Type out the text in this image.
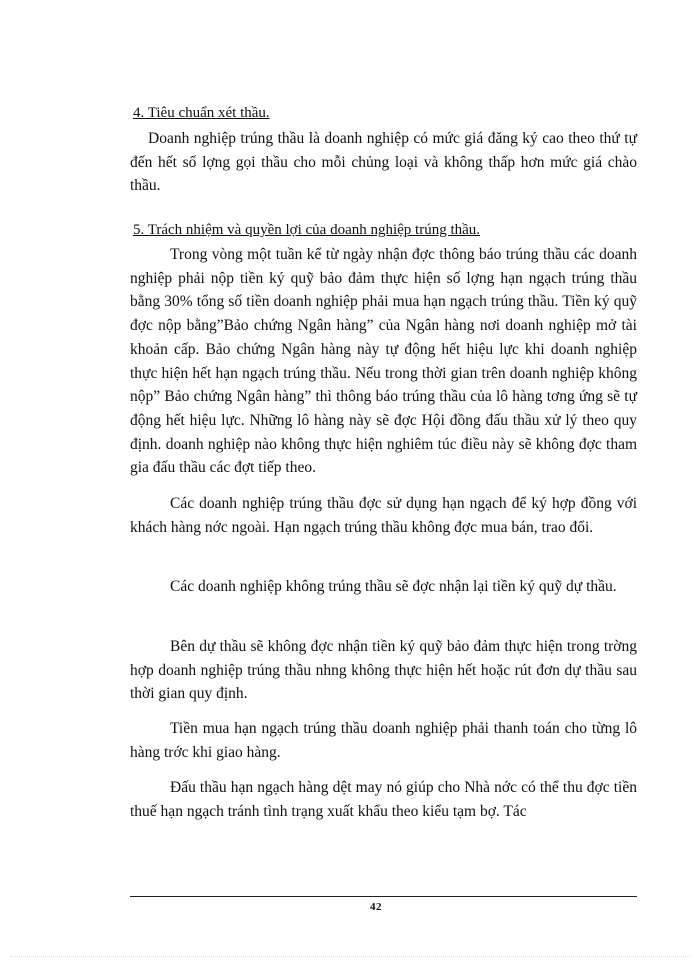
4. Tiêu chuẩn xét thầu.
Doanh nghiệp trúng thầu là doanh nghiệp có mức giá đăng ký cao theo thứ tự đến hết số lợng gọi thầu cho mỗi chủng loại và không thấp hơn mức giá chào thầu.
5. Trách nhiệm và quyền lợi của doanh nghiệp trúng thầu.
Trong vòng một tuần kể từ ngày nhận đợc thông báo trúng thầu các doanh nghiệp phải nộp tiền ký quỹ bảo đảm thực hiện số lợng hạn ngạch trúng thầu bằng 30% tổng số tiền doanh nghiệp phải mua hạn ngạch trúng thầu. Tiền ký quỹ đợc nộp bằng”Bảo chứng Ngân hàng” của Ngân hàng nơi doanh nghiệp mở tài khoản cấp. Bảo chứng Ngân hàng này tự động hết hiệu lực khi doanh nghiệp thực hiện hết hạn ngạch trúng thầu. Nếu trong thời gian trên doanh nghiệp không nộp” Bảo chứng Ngân hàng” thì thông báo trúng thầu của lô hàng tơng ứng sẽ tự động hết hiệu lực. Những lô hàng này sẽ đợc Hội đồng đấu thầu xử lý theo quy định. doanh nghiệp nào không thực hiện nghiêm túc điều này sẽ không đợc tham gia đấu thầu các đợt tiếp theo.
Các doanh nghiệp trúng thầu đợc sử dụng hạn ngạch để ký hợp đồng với khách hàng nớc ngoài. Hạn ngạch trúng thầu không đợc mua bán, trao đổi.
Các doanh nghiệp không trúng thầu sẽ đợc nhận lại tiền ký quỹ dự thầu.
Bên dự thầu sẽ không đợc nhận tiền ký quỹ bảo đảm thực hiện trong trờng hợp doanh nghiệp trúng thầu nhng không thực hiện hết hoặc rút đơn dự thầu sau thời gian quy định.
Tiền mua hạn ngạch trúng thầu doanh nghiệp phải thanh toán cho từng lô hàng trớc khi giao hàng.
Đấu thầu hạn ngạch hàng dệt may nó giúp cho Nhà nớc có thể thu đợc tiền thuế hạn ngạch tránh tình trạng xuất khẩu theo kiểu tạm bợ. Tác
42
